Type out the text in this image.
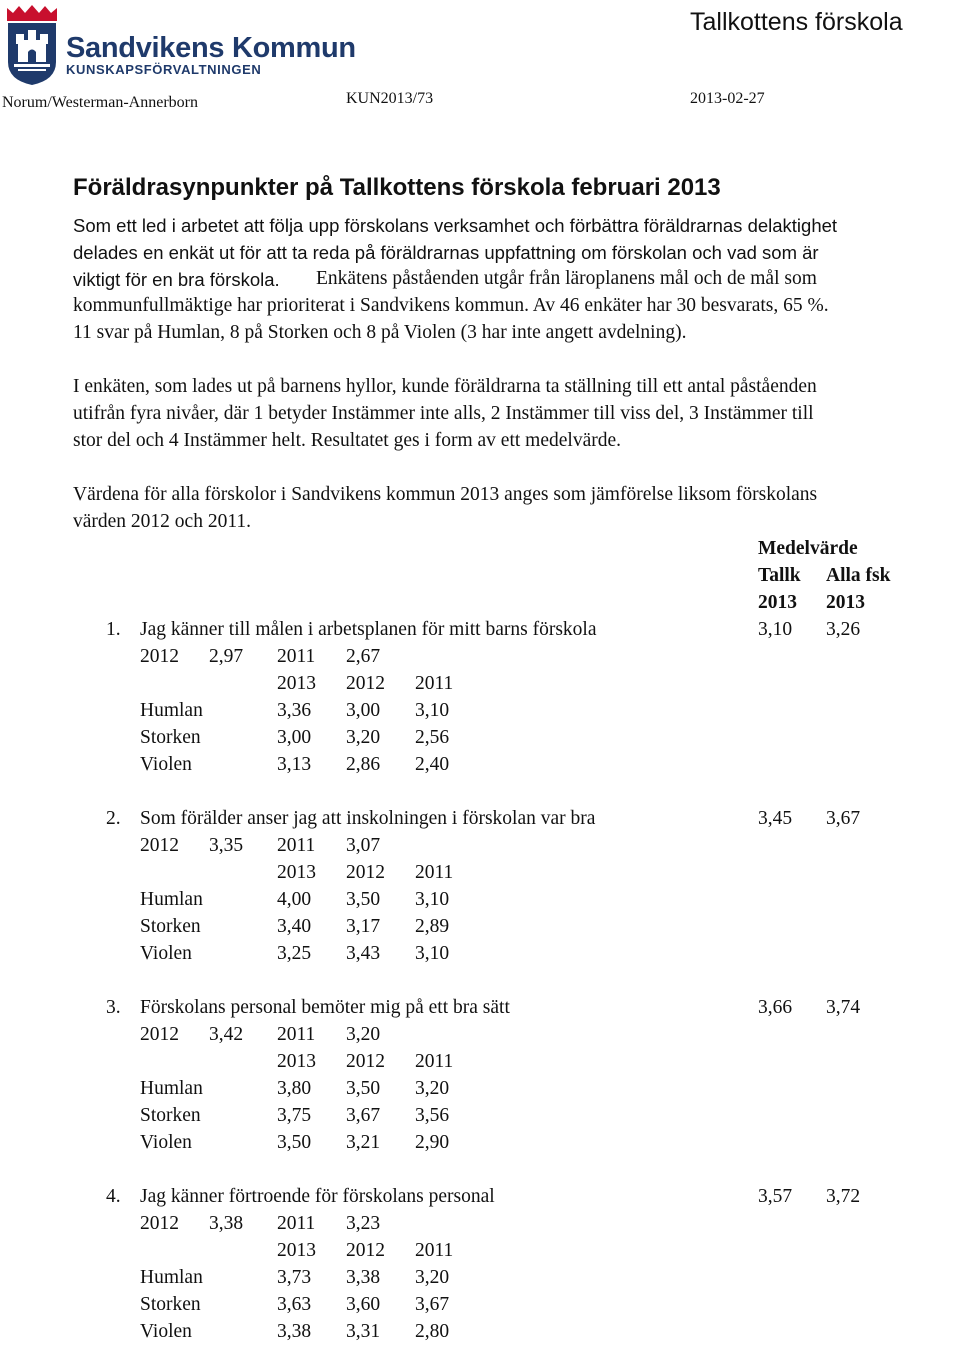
Sandvikens Kommun
KUNSKAPSFÖRVALTNINGEN
Tallkottens förskola
Norum/Westerman-Annerborn	KUN2013/73	2013-02-27
Föräldrasynpunkter på Tallkottens förskola februari 2013
Som ett led i arbetet att följa upp förskolans verksamhet och förbättra föräldrarnas delaktighet
delades en enkät ut för att ta reda på föräldrarnas uppfattning om förskolan och vad som är
viktigt för en bra förskola. Enkätens påståenden utgår från läroplanens mål och de mål som
kommunfullmäktige har prioriterat i Sandvikens kommun. Av 46 enkäter har 30 besvarats, 65 %.
11 svar på Humlan, 8 på Storken och 8 på Violen (3 har inte angett avdelning).
I enkäten, som lades ut på barnens hyllor, kunde föräldrarna ta ställning till ett antal påståenden
utifrån fyra nivåer, där 1 betyder Instämmer inte alls, 2 Instämmer till viss del, 3 Instämmer till
stor del och 4 Instämmer helt. Resultatet ges i form av ett medelvärde.
Värdena för alla förskolor i Sandvikens kommun 2013 anges som jämförelse liksom förskolans
värden 2012 och 2011.
Medelvärde
Tallk Alla fsk
2013 2013
1. Jag känner till målen i arbetsplanen för mitt barns förskola	3,10 3,26
2012 2,97 2011 2,67
2013 2012 2011
Humlan	3,36 3,00 3,10
Storken	3,00 3,20 2,56
Violen	3,13 2,86 2,40
2. Som förälder anser jag att inskolningen i förskolan var bra	3,45 3,67
2012 3,35 2011 3,07
2013 2012 2011
Humlan	4,00 3,50 3,10
Storken	3,40 3,17 2,89
Violen	3,25 3,43 3,10
3. Förskolans personal bemöter mig på ett bra sätt	3,66 3,74
2012 3,42 2011 3,20
2013 2012 2011
Humlan	3,80 3,50 3,20
Storken	3,75 3,67 3,56
Violen	3,50 3,21 2,90
4. Jag känner förtroende för förskolans personal	3,57 3,72
2012 3,38 2011 3,23
2013 2012 2011
Humlan	3,73 3,38 3,20
Storken	3,63 3,60 3,67
Violen	3,38 3,31 2,80
